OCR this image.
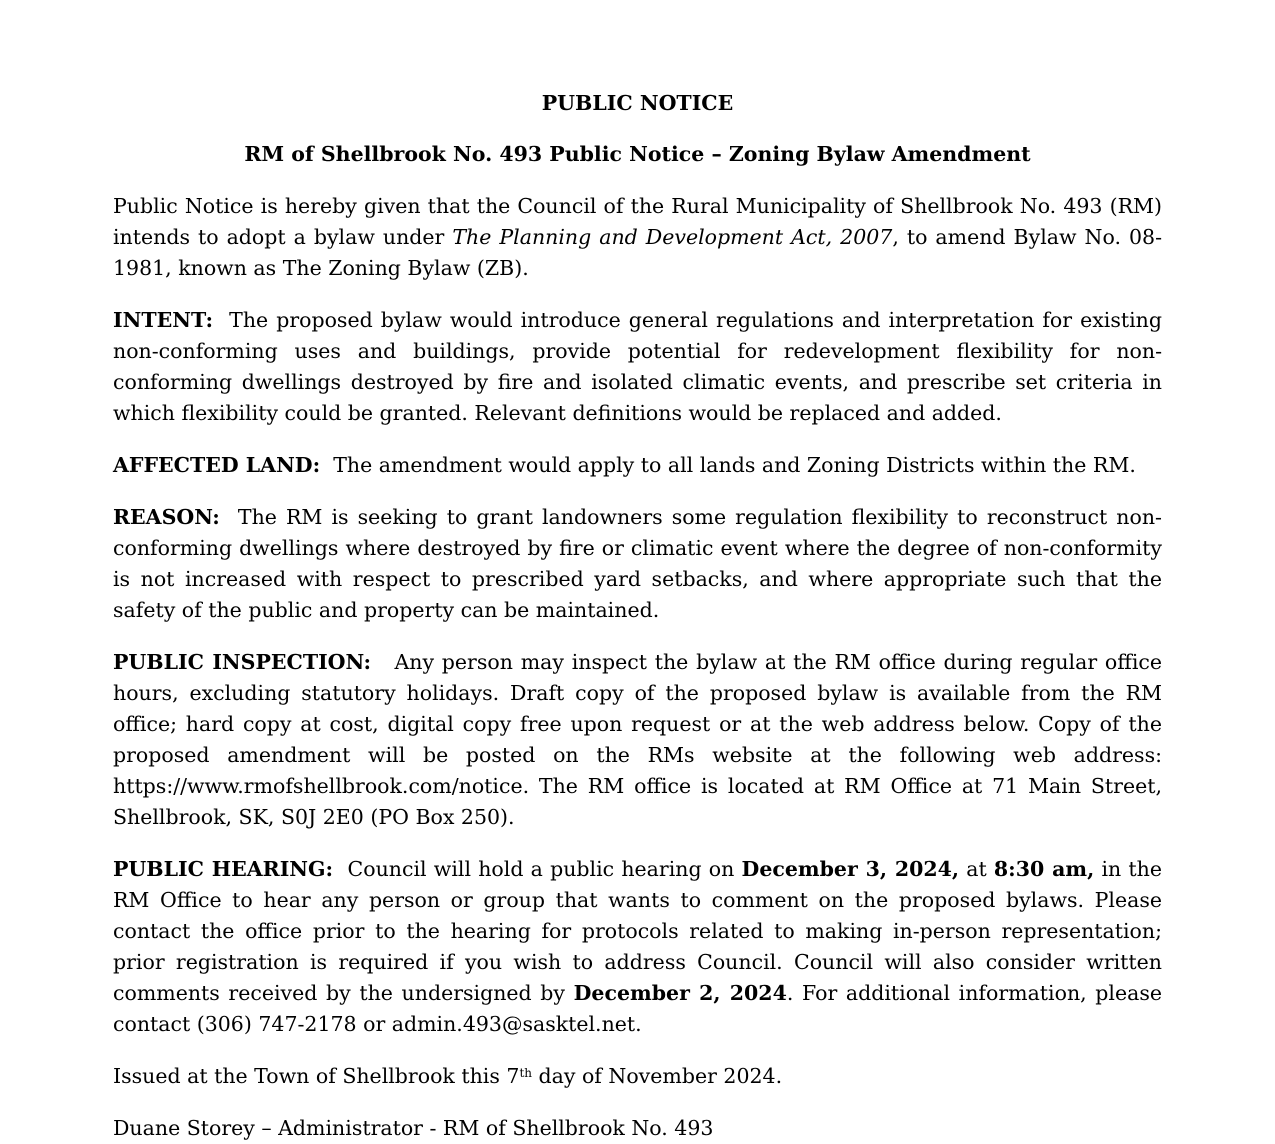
PUBLIC NOTICE

RM of Shellbrook No. 493 Public Notice – Zoning Bylaw Amendment

Public Notice is hereby given that the Council of the Rural Municipality of Shellbrook No. 493 (RM) intends to adopt a bylaw under The Planning and Development Act, 2007, to amend Bylaw No. 08-1981, known as The Zoning Bylaw (ZB).

INTENT: The proposed bylaw would introduce general regulations and interpretation for existing non-conforming uses and buildings, provide potential for redevelopment flexibility for non-conforming dwellings destroyed by fire and isolated climatic events, and prescribe set criteria in which flexibility could be granted. Relevant definitions would be replaced and added.

AFFECTED LAND: The amendment would apply to all lands and Zoning Districts within the RM.

REASON: The RM is seeking to grant landowners some regulation flexibility to reconstruct non-conforming dwellings where destroyed by fire or climatic event where the degree of non-conformity is not increased with respect to prescribed yard setbacks, and where appropriate such that the safety of the public and property can be maintained.

PUBLIC INSPECTION: Any person may inspect the bylaw at the RM office during regular office hours, excluding statutory holidays. Draft copy of the proposed bylaw is available from the RM office; hard copy at cost, digital copy free upon request or at the web address below. Copy of the proposed amendment will be posted on the RMs website at the following web address: https://www.rmofshellbrook.com/notice. The RM office is located at RM Office at 71 Main Street, Shellbrook, SK, S0J 2E0 (PO Box 250).

PUBLIC HEARING: Council will hold a public hearing on December 3, 2024, at 8:30 am, in the RM Office to hear any person or group that wants to comment on the proposed bylaws. Please contact the office prior to the hearing for protocols related to making in-person representation; prior registration is required if you wish to address Council. Council will also consider written comments received by the undersigned by December 2, 2024. For additional information, please contact (306) 747-2178 or admin.493@sasktel.net.

Issued at the Town of Shellbrook this 7th day of November 2024.

Duane Storey – Administrator - RM of Shellbrook No. 493
